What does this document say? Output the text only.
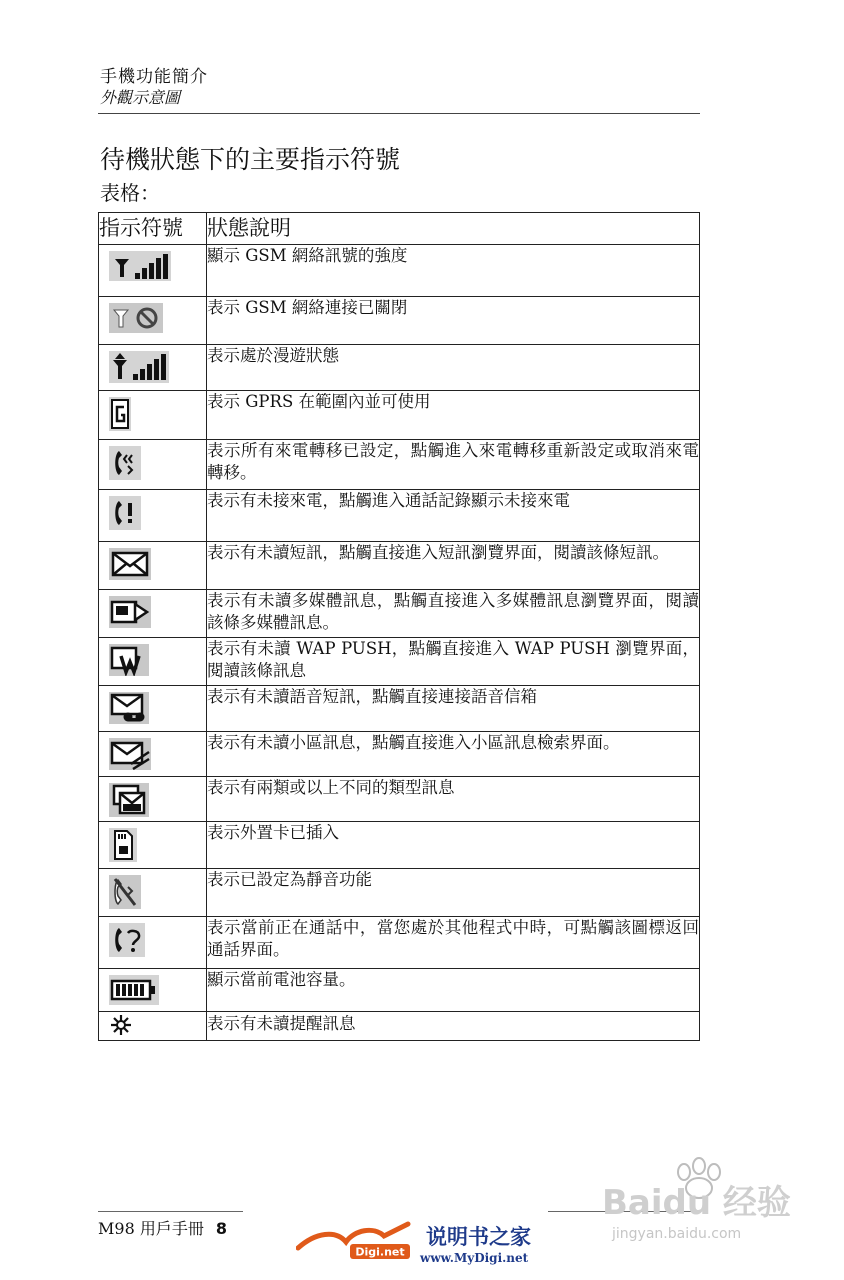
手機功能簡介
外觀示意圖
待機狀態下的主要指示符號
表格：
指示符號	狀態說明

	顯示 GSM 網絡訊號的強度

	表示 GSM 網絡連接已關閉

	表示處於漫遊狀態

	表示 GPRS 在範圍內並可使用

	表示所有來電轉移已設定，點觸進入來電轉移重新設定或取消來電轉移。

	表示有未接來電，點觸進入通話記錄顯示未接來電

	表示有未讀短訊，點觸直接進入短訊瀏覽界面，閱讀該條短訊。

	表示有未讀多媒體訊息，點觸直接進入多媒體訊息瀏覽界面，閱讀該條多媒體訊息。

	表示有未讀 WAP PUSH，點觸直接進入 WAP PUSH 瀏覽界面，閱讀該條訊息

	表示有未讀語音短訊，點觸直接連接語音信箱

	表示有未讀小區訊息，點觸直接進入小區訊息檢索界面。

	表示有兩類或以上不同的類型訊息

	表示外置卡已插入

	表示已設定為靜音功能

	表示當前正在通話中，當您處於其他程式中時，可點觸該圖標返回通話界面。

	顯示當前電池容量。

	表示有未讀提醒訊息
M98 用戶手冊 8
Digi.net
说明书之家
www.MyDigi.net
Baidu 经验
jingyan.baidu.com
